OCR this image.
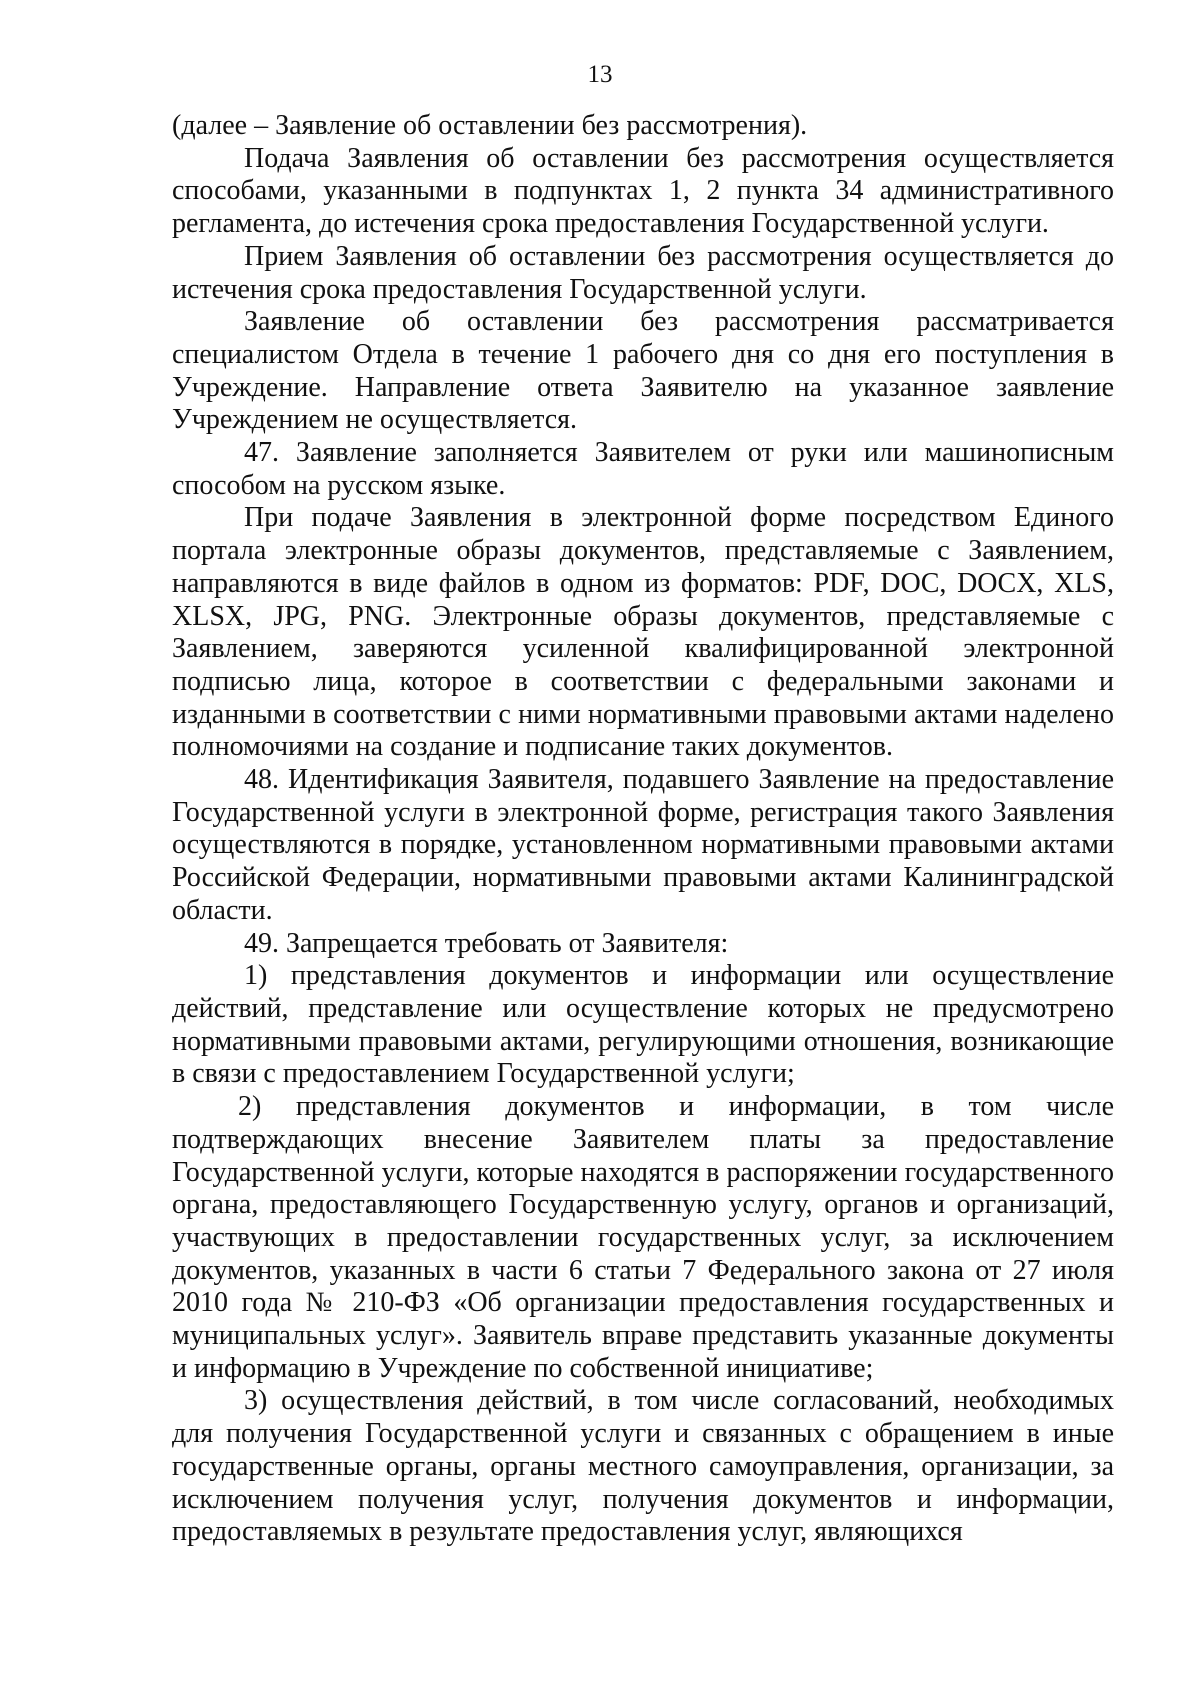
13

(далее – Заявление об оставлении без рассмотрения).

Подача Заявления об оставлении без рассмотрения осуществляется способами, указанными в подпунктах 1, 2 пункта 34 административного регламента, до истечения срока предоставления Государственной услуги.

Прием Заявления об оставлении без рассмотрения осуществляется до истечения срока предоставления Государственной услуги.

Заявление об оставлении без рассмотрения рассматривается специалистом Отдела в течение 1 рабочего дня со дня его поступления в Учреждение. Направление ответа Заявителю на указанное заявление Учреждением не осуществляется.

47. Заявление заполняется Заявителем от руки или машинописным способом на русском языке.

При подаче Заявления в электронной форме посредством Единого портала электронные образы документов, представляемые с Заявлением, направляются в виде файлов в одном из форматов: PDF, DOC, DOCX, XLS, XLSX, JPG, PNG. Электронные образы документов, представляемые с Заявлением, заверяются усиленной квалифицированной электронной подписью лица, которое в соответствии с федеральными законами и изданными в соответствии с ними нормативными правовыми актами наделено полномочиями на создание и подписание таких документов.

48. Идентификация Заявителя, подавшего Заявление на предоставление Государственной услуги в электронной форме, регистрация такого Заявления осуществляются в порядке, установленном нормативными правовыми актами Российской Федерации, нормативными правовыми актами Калининградской области.

49. Запрещается требовать от Заявителя:

1) представления документов и информации или осуществление действий, представление или осуществление которых не предусмотрено нормативными правовыми актами, регулирующими отношения, возникающие в связи с предоставлением Государственной услуги;

2) представления документов и информации, в том числе подтверждающих внесение Заявителем платы за предоставление Государственной услуги, которые находятся в распоряжении государственного органа, предоставляющего Государственную услугу, органов и организаций, участвующих в предоставлении государственных услуг, за исключением документов, указанных в части 6 статьи 7 Федерального закона от 27 июля 2010 года № 210-ФЗ «Об организации предоставления государственных и муниципальных услуг». Заявитель вправе представить указанные документы и информацию в Учреждение по собственной инициативе;

3) осуществления действий, в том числе согласований, необходимых для получения Государственной услуги и связанных с обращением в иные государственные органы, органы местного самоуправления, организации, за исключением получения услуг, получения документов и информации, предоставляемых в результате предоставления услуг, являющихся
